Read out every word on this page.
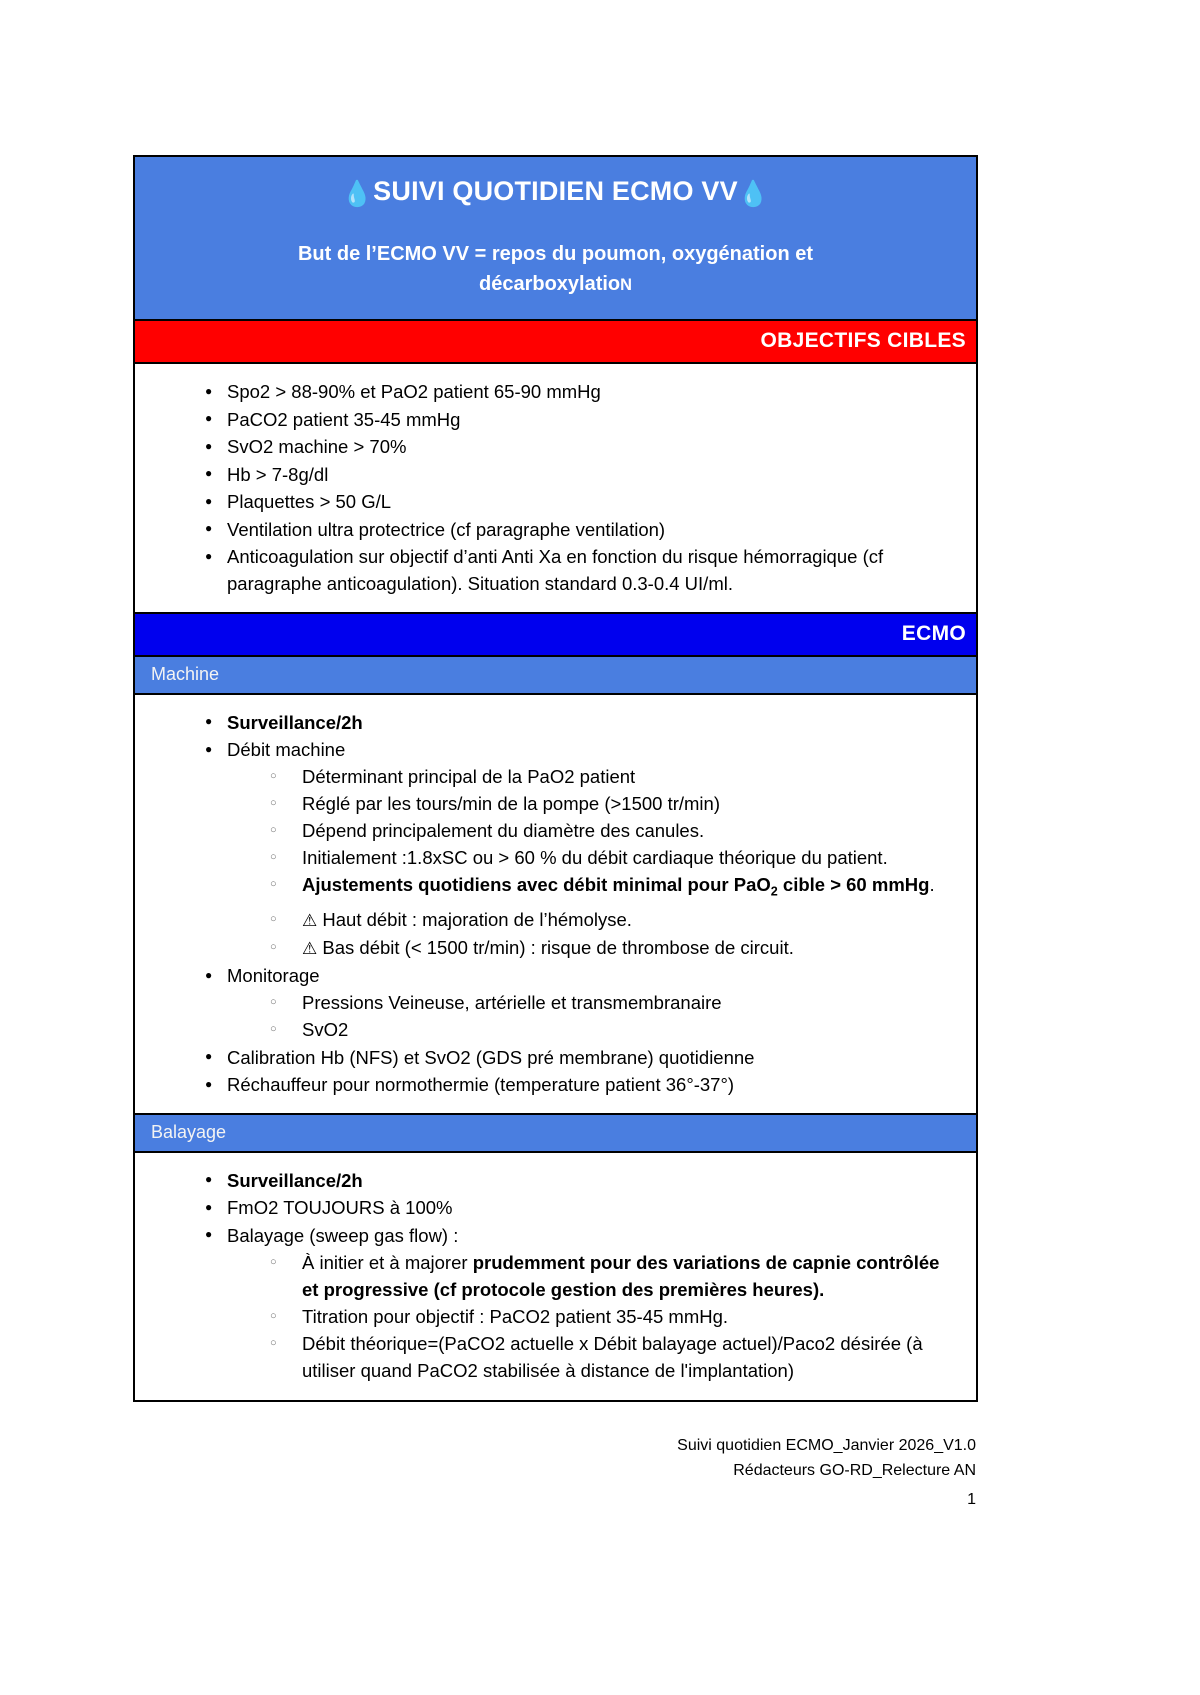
💧SUIVI QUOTIDIEN ECMO VV💧
But de l’ECMO VV = repos du poumon, oxygénation et
décarboxylatioN
OBJECTIFS CIBLES
● Spo2 > 88-90% et PaO2 patient 65-90 mmHg
● PaCO2 patient 35-45 mmHg
● SvO2 machine > 70%
● Hb > 7-8g/dl
● Plaquettes > 50 G/L
● Ventilation ultra protectrice (cf paragraphe ventilation)
● Anticoagulation sur objectif d’anti Anti Xa en fonction du risque hémorragique (cf paragraphe anticoagulation). Situation standard 0.3-0.4 UI/ml.
ECMO
Machine
● Surveillance/2h
● Débit machine
○ Déterminant principal de la PaO2 patient
○ Réglé par les tours/min de la pompe (>1500 tr/min)
○ Dépend principalement du diamètre des canules.
○ Initialement :1.8xSC ou > 60 % du débit cardiaque théorique du patient.
○ Ajustements quotidiens avec débit minimal pour PaO$_2$ cible > 60 mmHg.
○ ⚠ Haut débit : majoration de l’hémolyse.
○ ⚠ Bas débit (< 1500 tr/min) : risque de thrombose de circuit.
● Monitorage
○ Pressions Veineuse, artérielle et transmembranaire
○ SvO2
● Calibration Hb (NFS) et SvO2 (GDS pré membrane) quotidienne
● Réchauffeur pour normothermie (temperature patient 36°-37°)
Balayage
● Surveillance/2h
● FmO2 TOUJOURS à 100%
● Balayage (sweep gas flow) :
○ À initier et à majorer prudemment pour des variations de capnie contrôlée et progressive (cf protocole gestion des premières heures).
○ Titration pour objectif : PaCO2 patient 35-45 mmHg.
○ Débit théorique=(PaCO2 actuelle x Débit balayage actuel)/Paco2 désirée (à utiliser quand PaCO2 stabilisée à distance de l'implantation)
Suivi quotidien ECMO_Janvier 2026_V1.0
Rédacteurs GO-RD_Relecture AN
1
